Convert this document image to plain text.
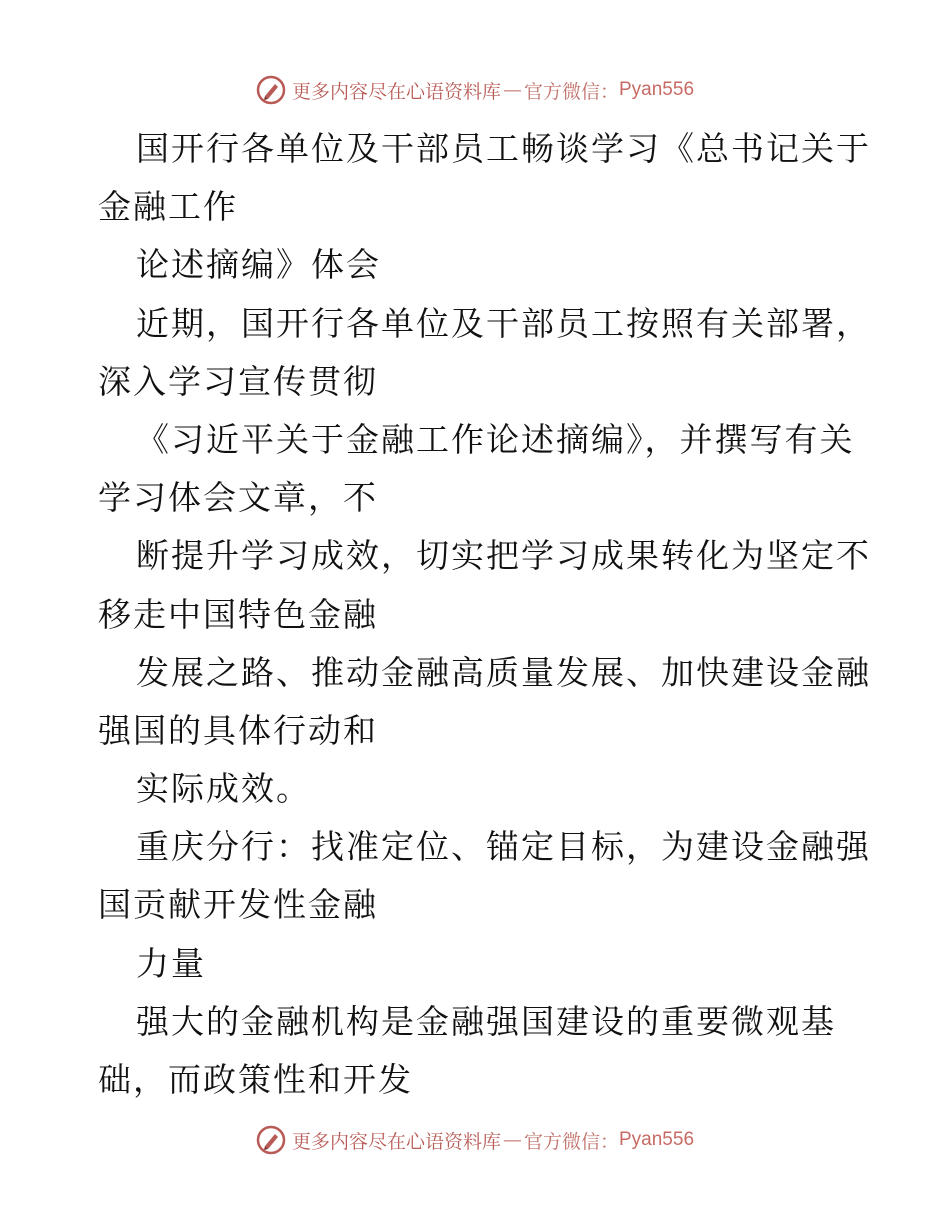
更多内容尽在心语资料库 — 官方微信： Pyan556
国开行各单位及干部员工畅谈学习《总书记关于
金融工作
论述摘编》体会
近期，国开行各单位及干部员工按照有关部署，
深入学习宣传贯彻
《习近平关于金融工作论述摘编》，并撰写有关
学习体会文章，不
断提升学习成效，切实把学习成果转化为坚定不
移走中国特色金融
发展之路、推动金融高质量发展、加快建设金融
强国的具体行动和
实际成效。
重庆分行：找准定位、锚定目标，为建设金融强
国贡献开发性金融
力量
强大的金融机构是金融强国建设的重要微观基
础，而政策性和开发
更多内容尽在心语资料库 — 官方微信： Pyan556
